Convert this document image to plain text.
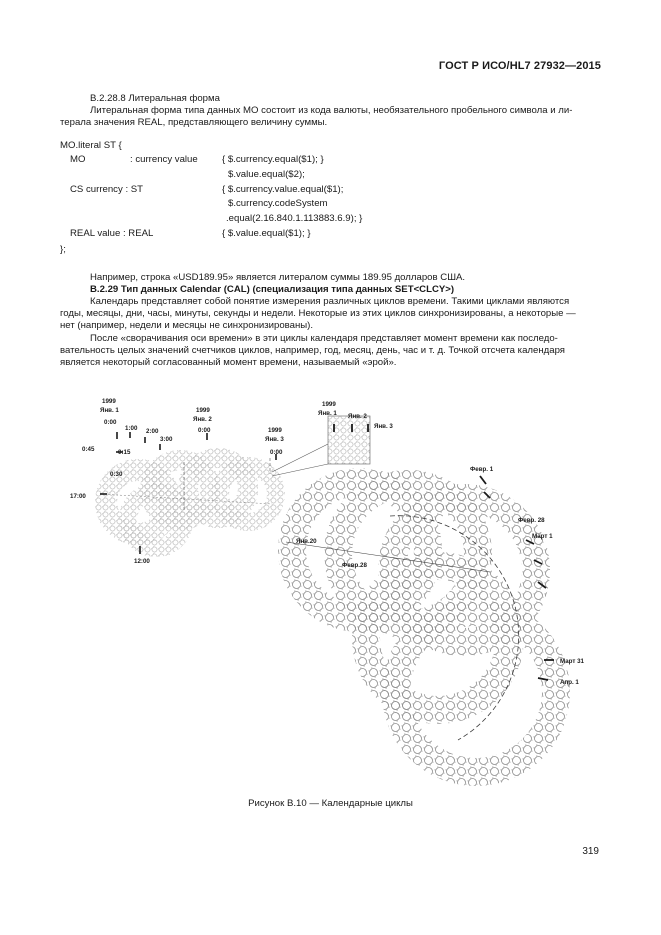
ГОСТ Р ИСО/HL7 27932—2015
B.2.28.8 Литеральная форма
Литеральная форма типа данных МО состоит из кода валюты, необязательного пробельного символа и ли-
терала значения REAL, представляющего величину суммы.
MO.literal ST {
MO	: currency value	{ $.currency.equal($1); }
$.value.equal($2);
CS currency : ST	{ $.currency.value.equal($1);
$.currency.codeSystem
.equal(2.16.840.1.113883.6.9); }
REAL value : REAL	{ $.value.equal($1); }
};
Например, строка «USD189.95» является литералом суммы 189.95 долларов США.
B.2.29 Тип данных Calendar (CAL) (специализация типа данных SET<CLCY>)
Календарь представляет собой понятие измерения различных циклов времени. Такими циклами являются
годы, месяцы, дни, часы, минуты, секунды и недели. Некоторые из этих циклов синхронизированы, а некоторые —
нет (например, недели и месяцы не синхронизированы).
После «сворачивания оси времени» в эти циклы календаря представляет момент времени как последо-
вательность целых значений счетчиков циклов, например, год, месяц, день, час и т. д. Точкой отсчета календаря
является некоторый согласованный момент времени, называемый «эрой».
1999
Янв. 1
0:00
1:00 2:00
3:00
0:45	0:15
0:30
17:00
12:00
1999
Янв. 2
0:00	1999
Янв. 3
0:00
1999
Янв. 1 Янв. 2
Янв. 3
Февр. 1
Февр. 28
Март 1
Март 31
Апр. 1
Янв.20
Февр.28
Рисунок B.10 — Календарные циклы
319
